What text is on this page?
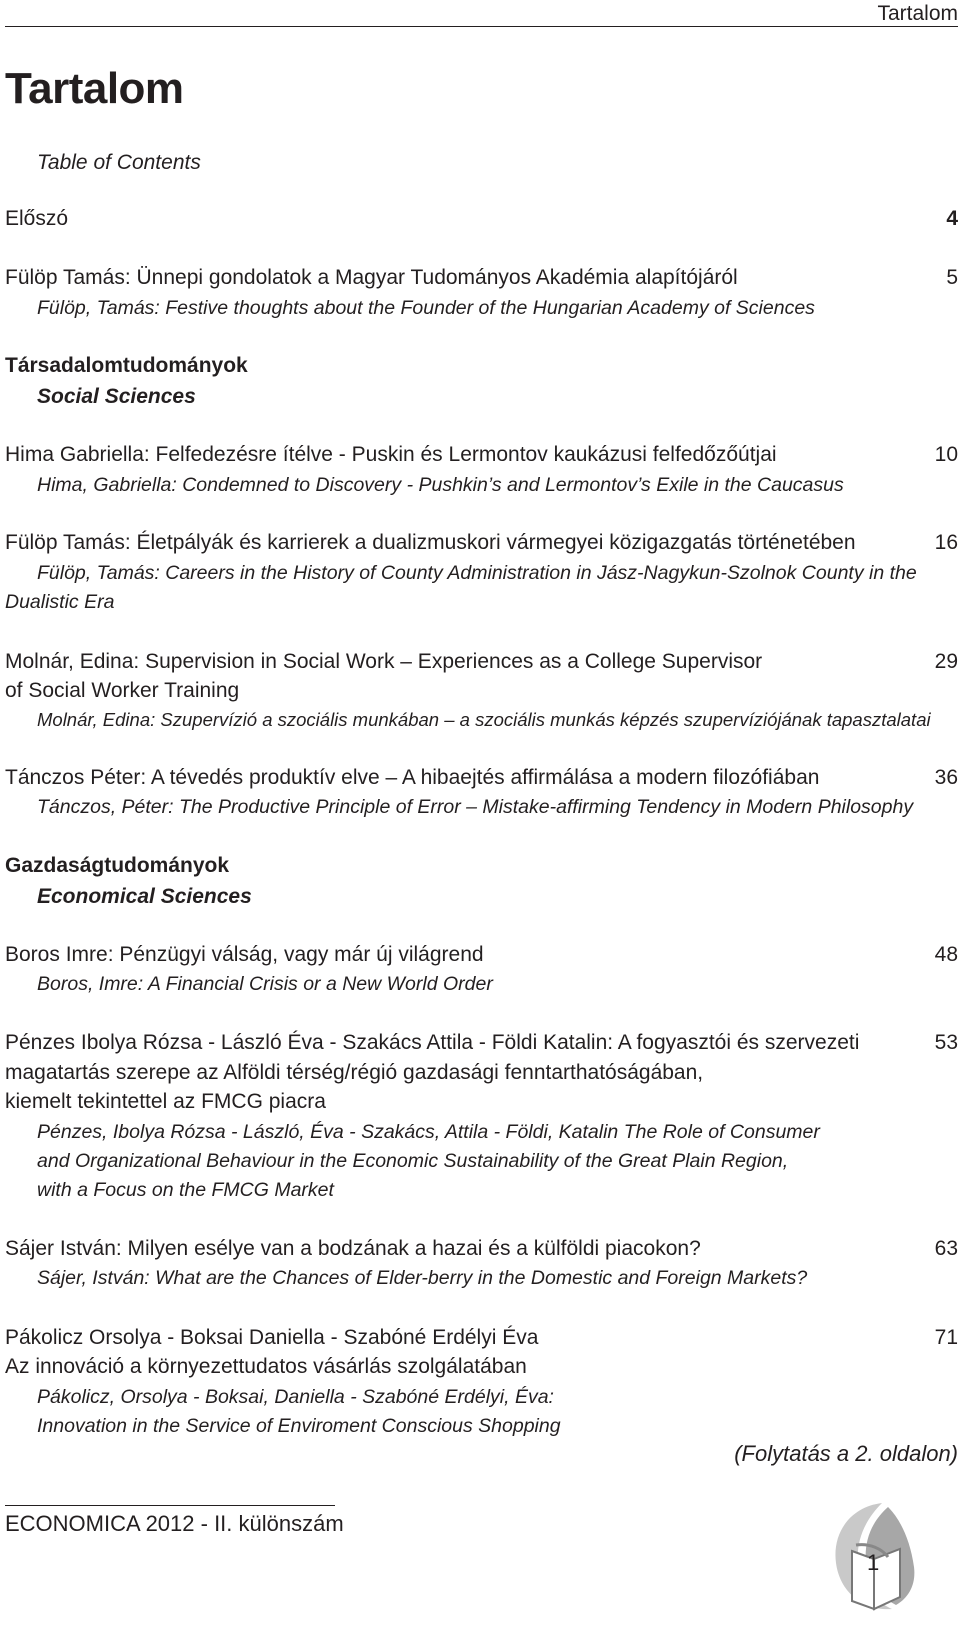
Tartalom
Tartalom
Table of Contents
Előszó	4
Fülöp Tamás: Ünnepi gondolatok a Magyar Tudományos Akadémia alapítójáról
Fülöp, Tamás: Festive thoughts about the Founder of the Hungarian Academy of Sciences
5
Társadalomtudományok
Social Sciences
Hima Gabriella: Felfedezésre ítélve - Puskin és Lermontov kaukázusi felfedőzőútjai
Hima, Gabriella: Condemned to Discovery - Pushkin’s and Lermontov’s Exile in the Caucasus
10
Fülöp Tamás: Életpályák és karrierek a dualizmuskori vármegyei közigazgatás történetében
Fülöp, Tamás: Careers in the History of County Administration in Jász-Nagykun-Szolnok County in the
Dualistic Era
16
Molnár, Edina: Supervision in Social Work – Experiences as a College Supervisor
of Social Worker Training
Molnár, Edina: Szupervízió a szociális munkában – a szociális munkás képzés szupervíziójának tapasztalatai
29
Tánczos Péter: A tévedés produktív elve – A hibaejtés affirmálása a modern filozófiában
Tánczos, Péter: The Productive Principle of Error – Mistake-affirming Tendency in Modern Philosophy
36
Gazdaságtudományok
Economical Sciences
Boros Imre: Pénzügyi válság, vagy már új világrend
Boros, Imre: A Financial Crisis or a New World Order
48
Pénzes Ibolya Rózsa - László Éva - Szakács Attila - Földi Katalin: A fogyasztói és szervezeti
magatartás szerepe az Alföldi térség/régió gazdasági fenntarthatóságában,
kiemelt tekintettel az FMCG piacra
Pénzes, Ibolya Rózsa - László, Éva - Szakács, Attila - Földi, Katalin The Role of Consumer
and Organizational Behaviour in the Economic Sustainability of the Great Plain Region,
with a Focus on the FMCG Market
53
Sájer István: Milyen esélye van a bodzának a hazai és a külföldi piacokon?
Sájer, István: What are the Chances of Elder-berry in the Domestic and Foreign Markets?
63
Pákolicz Orsolya - Boksai Daniella - Szabóné Erdélyi Éva
Az innováció a környezettudatos vásárlás szolgálatában
Pákolicz, Orsolya - Boksai, Daniella - Szabóné Erdélyi, Éva:
Innovation in the Service of Enviroment Conscious Shopping
71
(Folytatás a 2. oldalon)
ECONOMICA 2012 - II. különszám
1
